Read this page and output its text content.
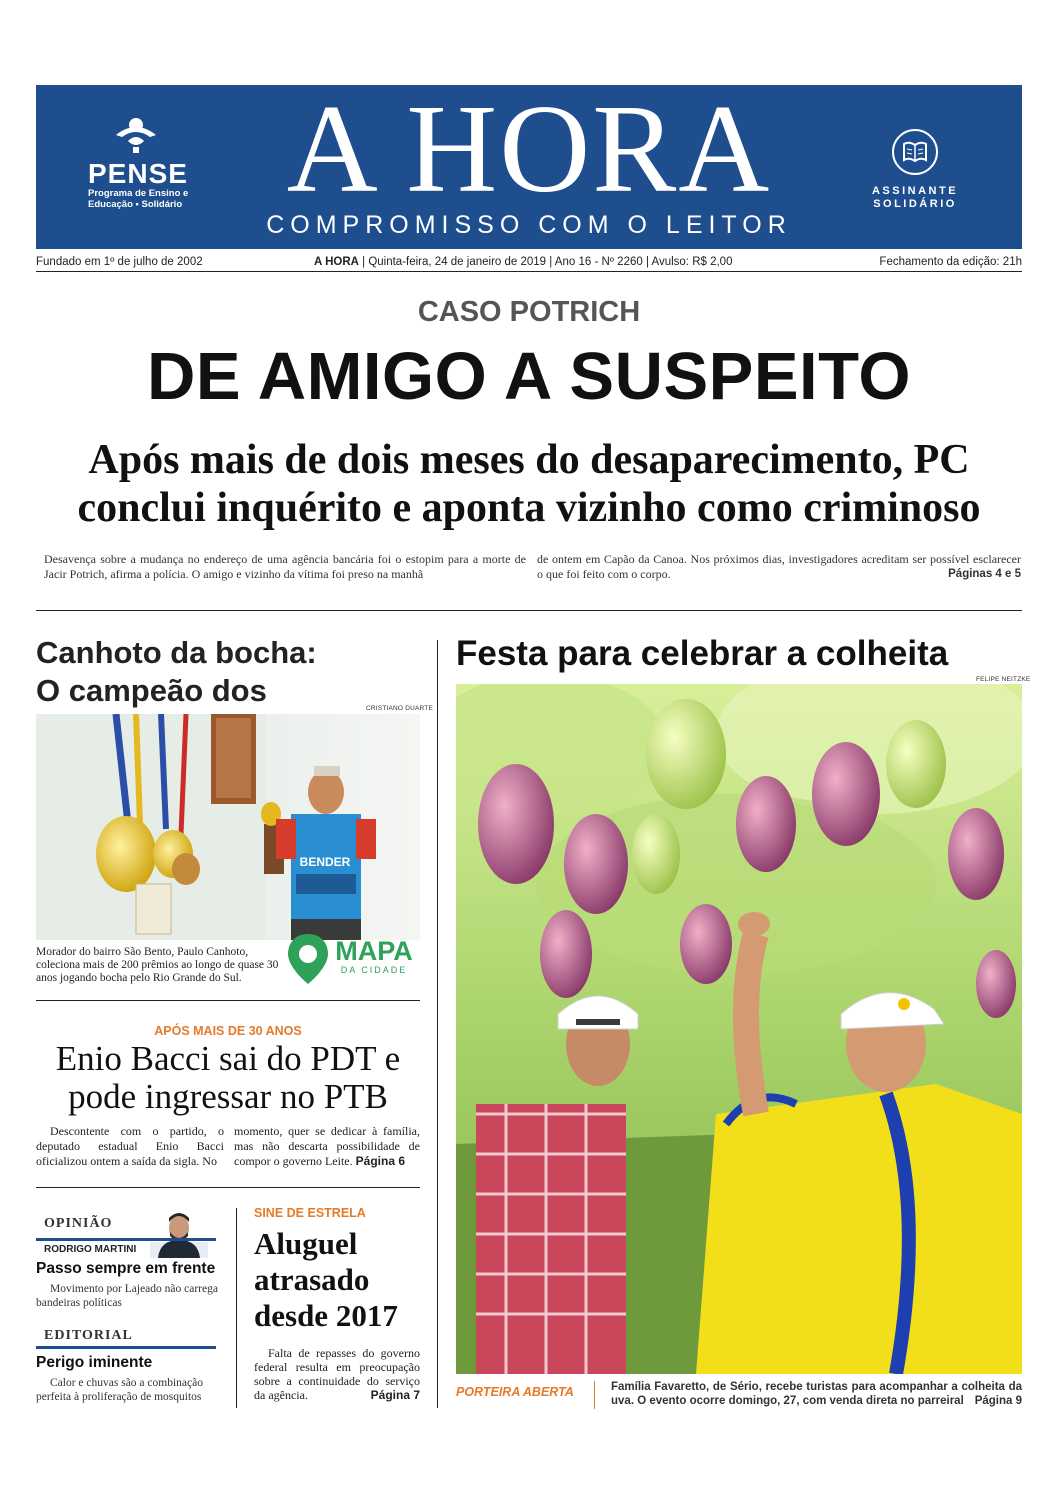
PENSE
Programa de Ensino e
Educação • Solidário A HORA
COMPROMISSO COM O LEITOR
ASSINANTE
SOLIDÁRIO
Fundado em 1º de julho de 2002	A HORA | Quinta-feira, 24 de janeiro de 2019 | Ano 16 - Nº 2260 | Avulso: R$ 2,00	Fechamento da edição: 21h
CASO POTRICH
DE AMIGO A SUSPEITO
Após mais de dois meses do desaparecimento, PC conclui inquérito e aponta vizinho como criminoso
Desavença sobre a mudança no endereço de uma agência bancária foi o estopim para a morte de Jacir Potrich, afirma a polícia. O amigo e vizinho da vítima foi preso na manhã
de ontem em Capão da Canoa. Nos próximos dias, investigadores acreditam ser possível esclarecer o que foi feito com o corpo.	Páginas 4 e 5
Canhoto da bocha:
O campeão dos
CRISTIANO DUARTE
BENDER
Morador do bairro São Bento, Paulo Canhoto, coleciona mais de 200 prêmios ao longo de quase 30 anos jogando bocha pelo Rio Grande do Sul.
MAPA
DA CIDADE
APÓS MAIS DE 30 ANOS
Enio Bacci sai do PDT e pode ingressar no PTB
Descontente com o partido, o deputado estadual Enio Bacci oficializou ontem a saída da sigla. No
momento, quer se dedicar à família, mas não descarta possibilidade de compor o governo Leite. Página 6
OPINIÃO
RODRIGO MARTINI
Passo sempre em frente
Movimento por Lajeado não carrega bandeiras políticas
EDITORIAL
Perigo iminente
Calor e chuvas são a combinação perfeita à proliferação de mosquitos
SINE DE ESTRELA
Aluguel atrasado desde 2017
Falta de repasses do governo federal resulta em preocupação sobre a continuidade do serviço da agência.	Página 7
Festa para celebrar a colheita
FELIPE NEITZKE
PORTEIRA ABERTA	Família Favaretto, de Sério, recebe turistas para acompanhar a colheita da uva. O evento ocorre domingo, 27, com venda direta no parreiral Página 9
